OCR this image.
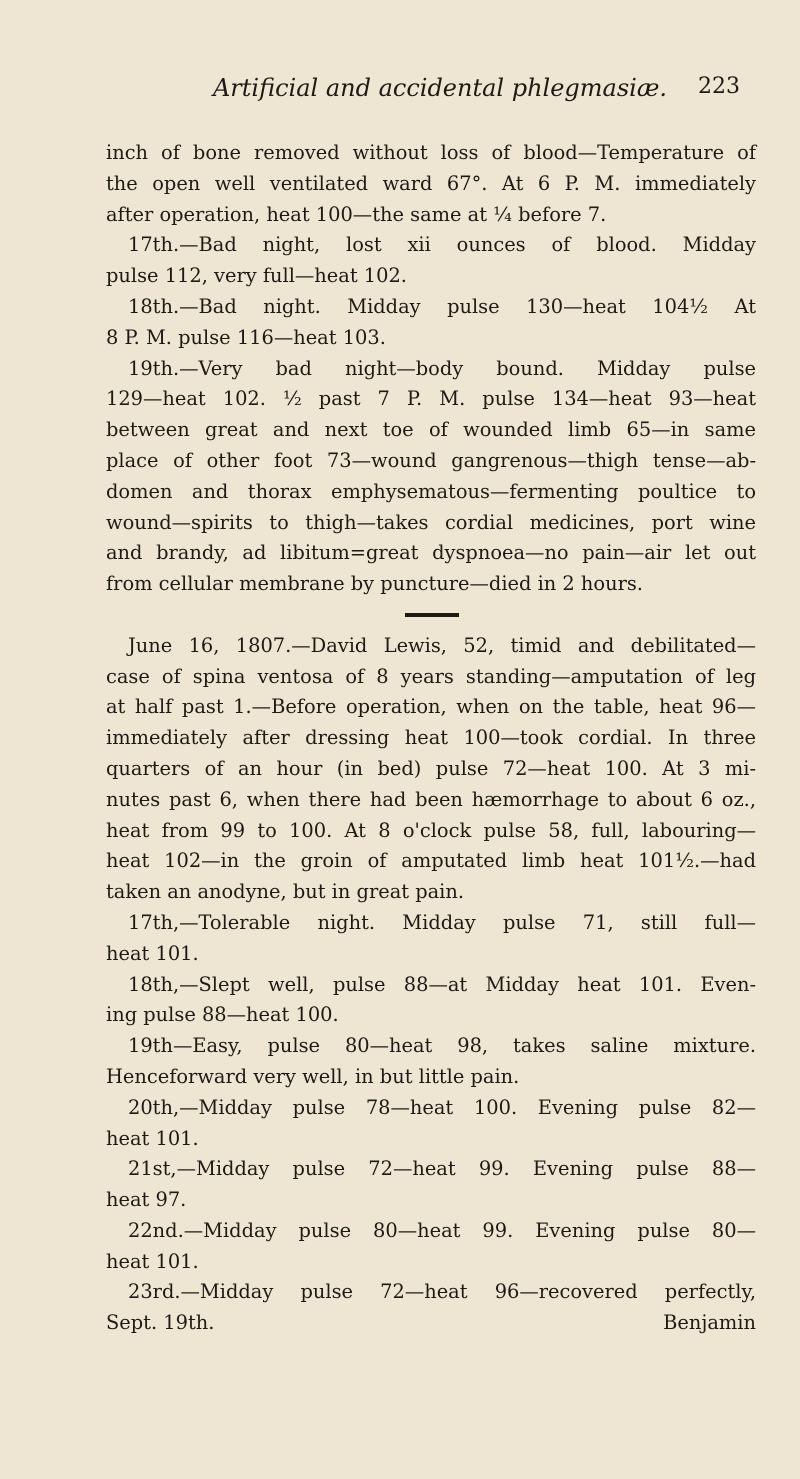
Artificial and accidental phlegmasiæ.	223
inch of bone removed without loss of blood—Temperature of
the open well ventilated ward 67°. At 6 P. M. immediately
after operation, heat 100—the same at ¼ before 7.
17th.—Bad night, lost xii ounces of blood. Midday
pulse 112, very full—heat 102.
18th.—Bad night. Midday pulse 130—heat 104½ At
8 P. M. pulse 116—heat 103.
19th.—Very bad night—body bound. Midday pulse
129—heat 102. ½ past 7 P. M. pulse 134—heat 93—heat
between great and next toe of wounded limb 65—in same
place of other foot 73—wound gangrenous—thigh tense—ab-
domen and thorax emphysematous—fermenting poultice to
wound—spirits to thigh—takes cordial medicines, port wine
and brandy, ad libitum=great dyspnoea—no pain—air let out
from cellular membrane by puncture—died in 2 hours.
June 16, 1807.—David Lewis, 52, timid and debilitated—
case of spina ventosa of 8 years standing—amputation of leg
at half past 1.—Before operation, when on the table, heat 96—
immediately after dressing heat 100—took cordial. In three
quarters of an hour (in bed) pulse 72—heat 100. At 3 mi-
nutes past 6, when there had been hæmorrhage to about 6 oz.,
heat from 99 to 100. At 8 o'clock pulse 58, full, labouring—
heat 102—in the groin of amputated limb heat 101½.—had
taken an anodyne, but in great pain.
17th,—Tolerable night. Midday pulse 71, still full—
heat 101.
18th,—Slept well, pulse 88—at Midday heat 101. Even-
ing pulse 88—heat 100.
19th—Easy, pulse 80—heat 98, takes saline mixture.
Henceforward very well, in but little pain.
20th,—Midday pulse 78—heat 100. Evening pulse 82—
heat 101.
21st,—Midday pulse 72—heat 99. Evening pulse 88—
heat 97.
22nd.—Midday pulse 80—heat 99. Evening pulse 80—
heat 101.
23rd.—Midday pulse 72—heat 96—recovered perfectly,
Sept. 19th.	Benjamin
